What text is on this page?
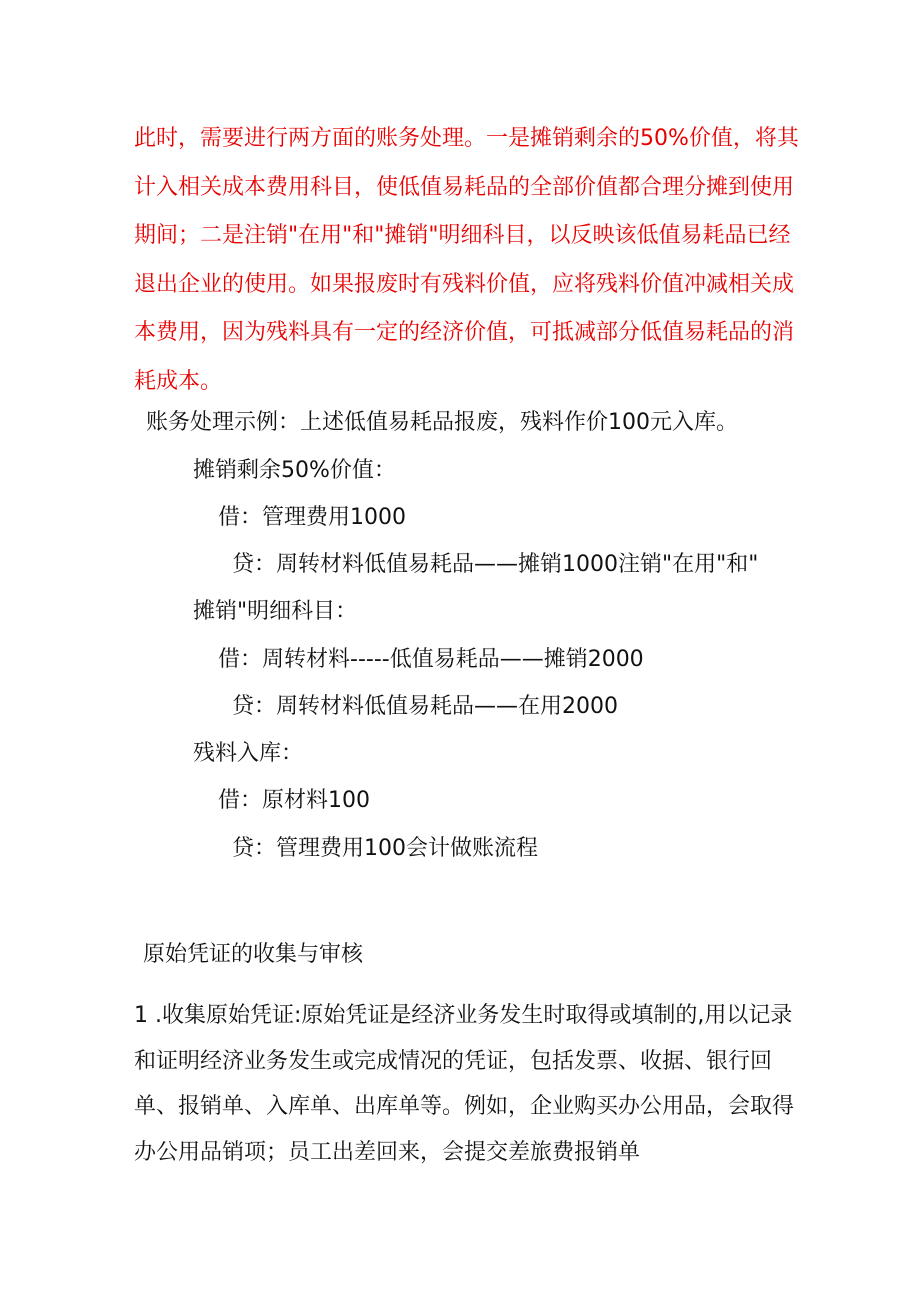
此时，需要进行两方面的账务处理。一是摊销剩余的50%价值，将其计入相关成本费用科目，使低值易耗品的全部价值都合理分摊到使用期间；二是注销"在用"和"摊销"明细科目，以反映该低值易耗品已经退出企业的使用。如果报废时有残料价值，应将残料价值冲减相关成本费用，因为残料具有一定的经济价值，可抵减部分低值易耗品的消耗成本。

账务处理示例：上述低值易耗品报废，残料作价100元入库。

摊销剩余50%价值：

借：管理费用1000

贷：周转材料低值易耗品——摊销1000注销"在用"和"

摊销"明细科目：

借：周转材料-----低值易耗品——摊销2000

贷：周转材料低值易耗品——在用2000

残料入库：

借：原材料100

贷：管理费用100会计做账流程

原始凭证的收集与审核

1 .收集原始凭证:原始凭证是经济业务发生时取得或填制的,用以记录和证明经济业务发生或完成情况的凭证，包括发票、收据、银行回单、报销单、入库单、出库单等。例如，企业购买办公用品，会取得办公用品销项；员工出差回来，会提交差旅费报销单
